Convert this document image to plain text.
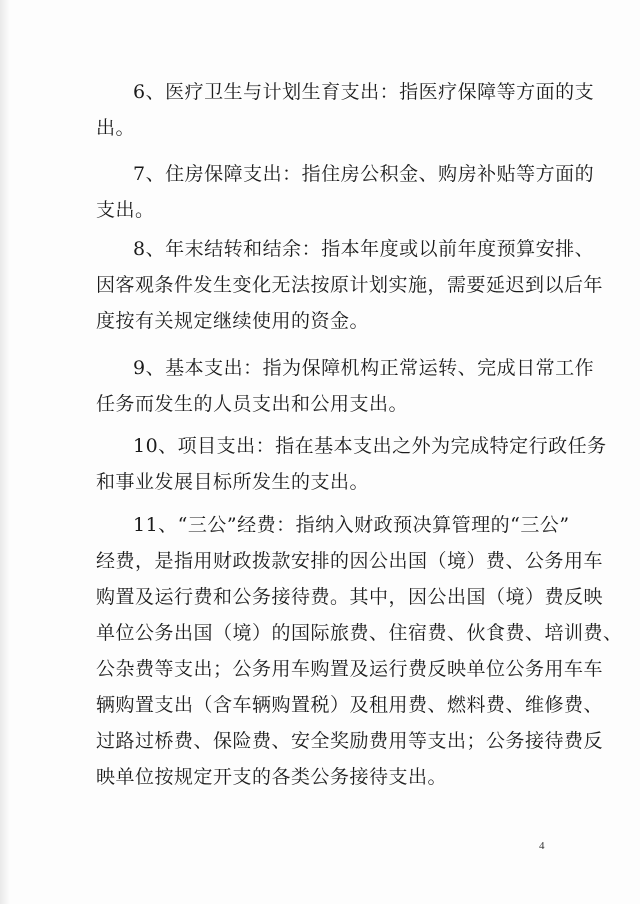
6、医疗卫生与计划生育支出：指医疗保障等方面的支
出。

7、住房保障支出：指住房公积金、购房补贴等方面的
支出。

8、年末结转和结余：指本年度或以前年度预算安排、
因客观条件发生变化无法按原计划实施，需要延迟到以后年
度按有关规定继续使用的资金。

9、基本支出：指为保障机构正常运转、完成日常工作
任务而发生的人员支出和公用支出。

10、项目支出：指在基本支出之外为完成特定行政任务
和事业发展目标所发生的支出。

11、“三公”经费：指纳入财政预决算管理的“三公”
经费，是指用财政拨款安排的因公出国（境）费、公务用车
购置及运行费和公务接待费。其中，因公出国（境）费反映
单位公务出国（境）的国际旅费、住宿费、伙食费、培训费、
公杂费等支出；公务用车购置及运行费反映单位公务用车车
辆购置支出（含车辆购置税）及租用费、燃料费、维修费、
过路过桥费、保险费、安全奖励费用等支出；公务接待费反
映单位按规定开支的各类公务接待支出。

4
